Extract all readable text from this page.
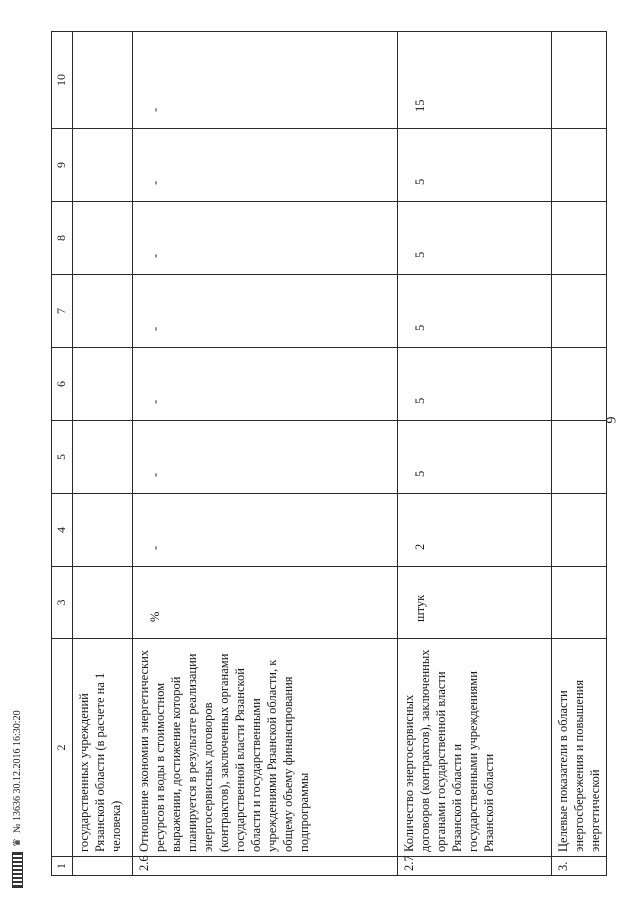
6
1	2	3	4	5	6	7	8	9	10
	государственных учреждений Рязанской области (в расчете на 1 человека)								
2.6	Отношение экономии энергетических ресурсов и воды в стоимостном выражении, достижение которой планируется в результате реализации энергосервисных договоров (контрактов), заключенных органами государственной власти Рязанской области и государственными учреждениями Рязанской области, к общему объему финансирования подпрограммы	%	-	-	-	-	-	-	-
2.7	Количество энергосервисных договоров (контрактов), заключенных органами государственной власти Рязанской области и государственными учреждениями Рязанской области	штук	2	5	5	5	5	5	15
3.	Целевые показатели в области энергосбережения и повышения энергетической								
♛
№ 13636 30.12.2016 16:30:20
